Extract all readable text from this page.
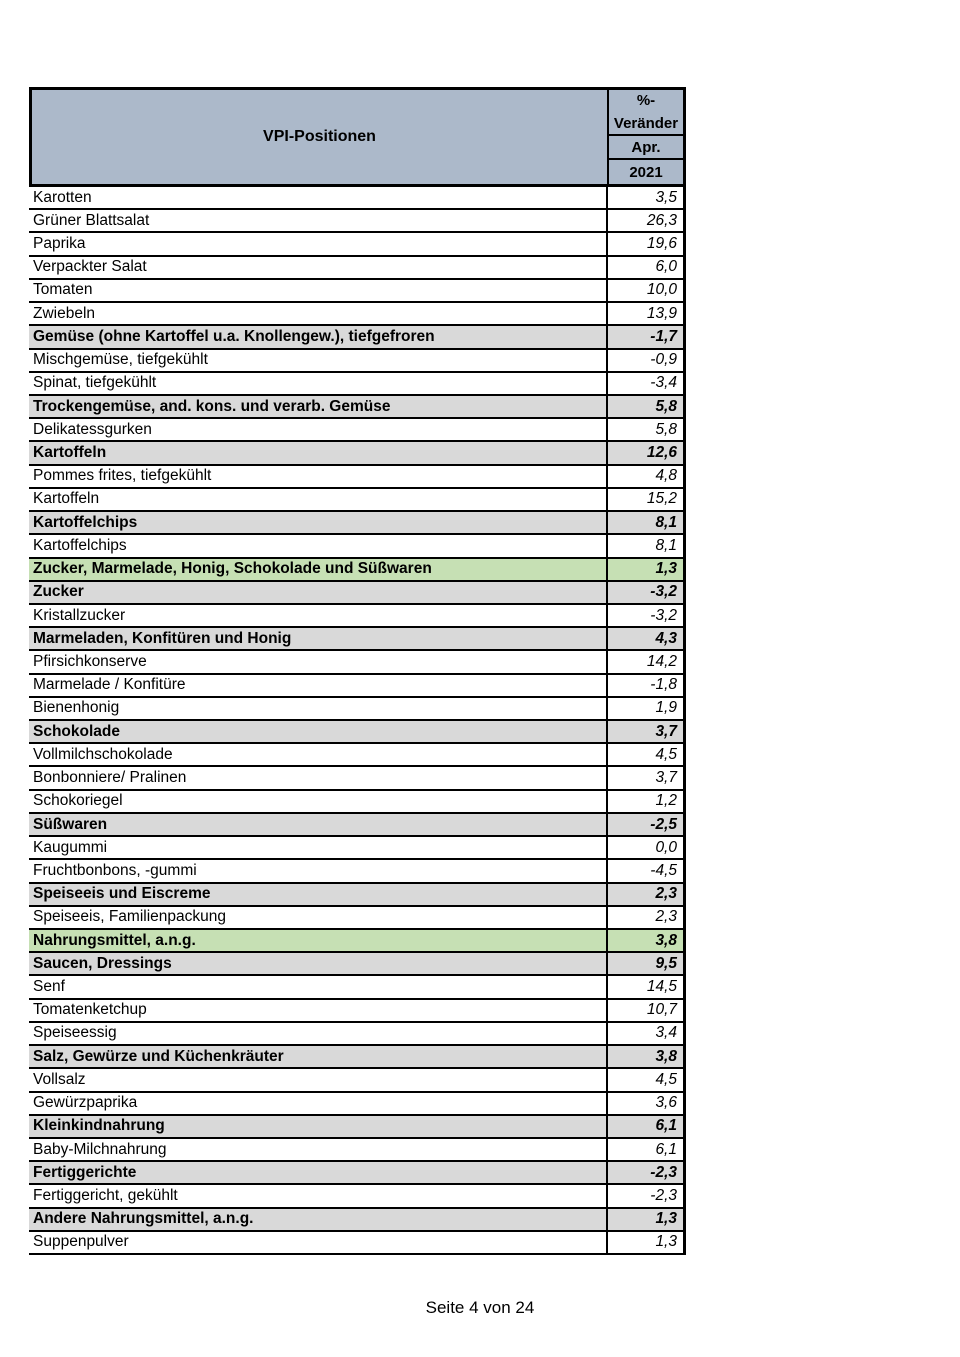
VPI-Positionen
%-
Veränder
Apr.
2021
Karotten	3,5
Grüner Blattsalat	26,3
Paprika	19,6
Verpackter Salat	6,0
Tomaten	10,0
Zwiebeln	13,9
Gemüse (ohne Kartoffel u.a. Knollengew.), tiefgefroren	-1,7
Mischgemüse, tiefgekühlt	-0,9
Spinat, tiefgekühlt	-3,4
Trockengemüse, and. kons. und verarb. Gemüse	5,8
Delikatessgurken	5,8
Kartoffeln	12,6
Pommes frites, tiefgekühlt	4,8
Kartoffeln	15,2
Kartoffelchips	8,1
Kartoffelchips	8,1
Zucker, Marmelade, Honig, Schokolade und Süßwaren	1,3
Zucker	-3,2
Kristallzucker	-3,2
Marmeladen, Konfitüren und Honig	4,3
Pfirsichkonserve	14,2
Marmelade / Konfitüre	-1,8
Bienenhonig	1,9
Schokolade	3,7
Vollmilchschokolade	4,5
Bonbonniere/ Pralinen	3,7
Schokoriegel	1,2
Süßwaren	-2,5
Kaugummi	0,0
Fruchtbonbons, -gummi	-4,5
Speiseeis und Eiscreme	2,3
Speiseeis, Familienpackung	2,3
Nahrungsmittel, a.n.g.	3,8
Saucen, Dressings	9,5
Senf	14,5
Tomatenketchup	10,7
Speiseessig	3,4
Salz, Gewürze und Küchenkräuter	3,8
Vollsalz	4,5
Gewürzpaprika	3,6
Kleinkindnahrung	6,1
Baby-Milchnahrung	6,1
Fertiggerichte	-2,3
Fertiggericht, gekühlt	-2,3
Andere Nahrungsmittel, a.n.g.	1,3
Suppenpulver	1,3
Seite 4 von 24
